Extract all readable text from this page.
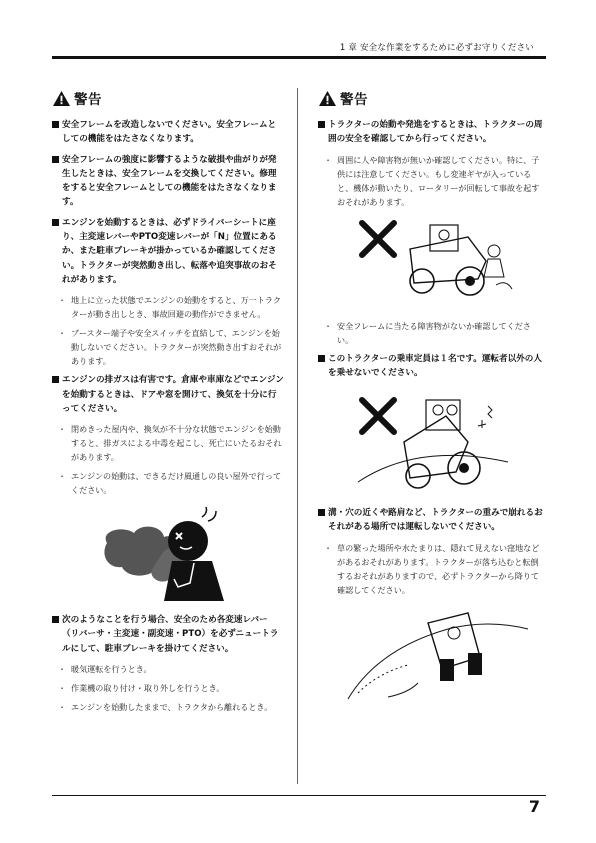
1 章 安全な作業をするために必ずお守りください
警告

安全フレームを改造しないでください。安全フレームとしての機能をはたさなくなります。

安全フレームの強度に影響するような破損や曲がりが発生したときは、安全フレームを交換してください。修理をすると安全フレームとしての機能をはたさなくなります。

エンジンを始動するときは、必ずドライバーシートに座り、主変速レバーやPTO変速レバーが「N」位置にあるか、また駐車ブレーキが掛かっているか確認してください。トラクターが突然動き出し、転落や追突事故のおそれがあります。

・ 地上に立った状態でエンジンの始動をすると、万一トラクターが動き出しとき、事故回避の動作ができません。

・ ブースター端子や安全スイッチを直結して、エンジンを始動しないでください。トラクターが突然動き出すおそれがあります。

エンジンの排ガスは有害です。倉庫や車庫などでエンジンを始動するときは、ドアや窓を開けて、換気を十分に行ってください。

・ 閉めきった屋内や、換気が不十分な状態でエンジンを始動すると、排ガスによる中毒を起こし、死亡にいたるおそれがあります。

・ エンジンの始動は、できるだけ風通しの良い屋外で行ってください。

次のようなことを行う場合、安全のため各変速レバー（リバーサ・主変速・副変速・PTO）を必ずニュートラルにして、駐車ブレーキを掛けてください。

・ 暖気運転を行うとき。

・ 作業機の取り付け・取り外しを行うとき。

・ エンジンを始動したままで、トラクタから離れるとき。

警告

トラクターの始動や発進をするときは、トラクターの周囲の安全を確認してから行ってください。

・ 周囲に人や障害物が無いか確認してください。特に、子供には注意してください。もし変速ギヤが入っていると、機体が動いたり、ロータリーが回転して事故を起すおそれがあります。

・ 安全フレームに当たる障害物がないか確認してください。

このトラクターの乗車定員は１名です。運転者以外の人を乗せないでください。

溝・穴の近くや路肩など、トラクターの重みで崩れるおそれがある場所では運転しないでください。

・ 草の繁った場所や水たまりは、隠れて見えない窪地などがあるおそれがあります。トラクターが落ち込むと転倒するおそれがありますので、必ずトラクターから降りて確認してください。

7
